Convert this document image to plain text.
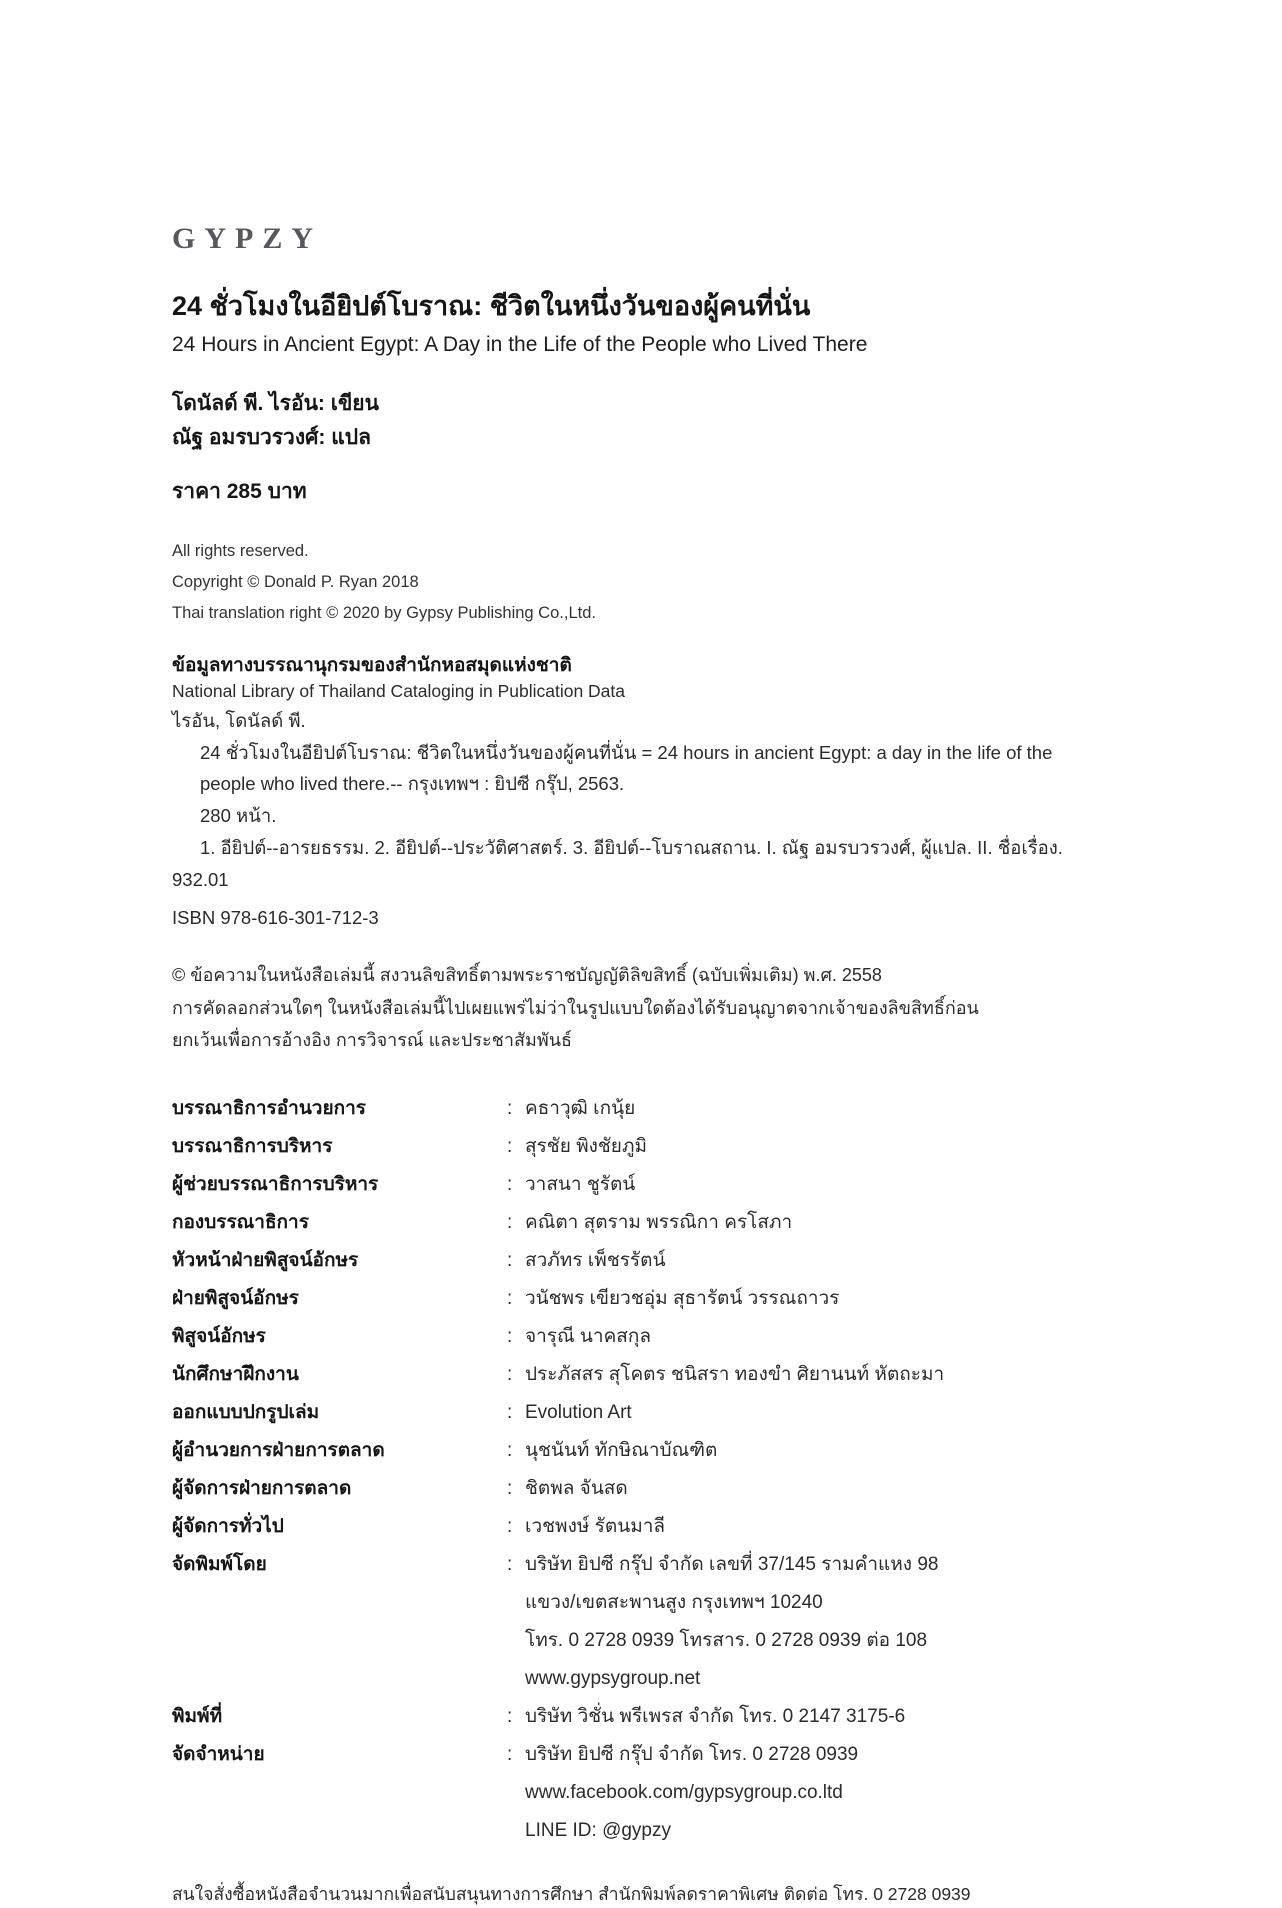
GYPZY
24 ชั่วโมงในอียิปต์โบราณ: ชีวิตในหนึ่งวันของผู้คนที่นั่น
24 Hours in Ancient Egypt: A Day in the Life of the People who Lived There
โดนัลด์ พี. ไรอัน: เขียน
ณัฐ อมรบวรวงศ์: แปล
ราคา 285 บาท
All rights reserved.
Copyright © Donald P. Ryan 2018
Thai translation right © 2020 by Gypsy Publishing Co.,Ltd.
ข้อมูลทางบรรณานุกรมของสำนักหอสมุดแห่งชาติ
National Library of Thailand Cataloging in Publication Data
ไรอัน, โดนัลด์ พี.
24 ชั่วโมงในอียิปต์โบราณ: ชีวิตในหนึ่งวันของผู้คนที่นั่น = 24 hours in ancient Egypt: a day in the life of the
people who lived there.-- กรุงเทพฯ : ยิปซี กรุ๊ป, 2563.
280 หน้า.
1. อียิปต์--อารยธรรม. 2. อียิปต์--ประวัติศาสตร์. 3. อียิปต์--โบราณสถาน. I. ณัฐ อมรบวรวงศ์, ผู้แปล. II. ชื่อเรื่อง.
932.01
ISBN 978-616-301-712-3
© ข้อความในหนังสือเล่มนี้ สงวนลิขสิทธิ์ตามพระราชบัญญัติลิขสิทธิ์ (ฉบับเพิ่มเติม) พ.ศ. 2558
การคัดลอกส่วนใดๆ ในหนังสือเล่มนี้ไปเผยแพร่ไม่ว่าในรูปแบบใดต้องได้รับอนุญาตจากเจ้าของลิขสิทธิ์ก่อน
ยกเว้นเพื่อการอ้างอิง การวิจารณ์ และประชาสัมพันธ์
บรรณาธิการอำนวยการ	: คธาวุฒิ เกนุ้ย
บรรณาธิการบริหาร	: สุรชัย พิงชัยภูมิ
ผู้ช่วยบรรณาธิการบริหาร	: วาสนา ชูรัตน์
กองบรรณาธิการ	: คณิตา สุตราม พรรณิกา ครโสภา
หัวหน้าฝ่ายพิสูจน์อักษร	: สวภัทร เพ็ชรรัตน์
ฝ่ายพิสูจน์อักษร	: วนัชพร เขียวชอุ่ม สุธารัตน์ วรรณถาวร
พิสูจน์อักษร	: จารุณี นาคสกุล
นักศึกษาฝึกงาน	: ประภัสสร สุโคตร ชนิสรา ทองขำ ศิยานนท์ หัตถะมา
ออกแบบปกรูปเล่ม	: Evolution Art
ผู้อำนวยการฝ่ายการตลาด	: นุชนันท์ ทักษิณาบัณฑิต
ผู้จัดการฝ่ายการตลาด	: ชิตพล จันสด
ผู้จัดการทั่วไป	: เวชพงษ์ รัตนมาลี
จัดพิมพ์โดย	: บริษัท ยิปซี กรุ๊ป จำกัด เลขที่ 37/145 รามคำแหง 98
แขวง/เขตสะพานสูง กรุงเทพฯ 10240
โทร. 0 2728 0939 โทรสาร. 0 2728 0939 ต่อ 108
www.gypsygroup.net
พิมพ์ที่	: บริษัท วิชั่น พรีเพรส จำกัด โทร. 0 2147 3175-6
จัดจำหน่าย	: บริษัท ยิปซี กรุ๊ป จำกัด โทร. 0 2728 0939
www.facebook.com/gypsygroup.co.ltd
LINE ID: @gypzy
สนใจสั่งซื้อหนังสือจำนวนมากเพื่อสนับสนุนทางการศึกษา สำนักพิมพ์ลดราคาพิเศษ ติดต่อ โทร. 0 2728 0939
